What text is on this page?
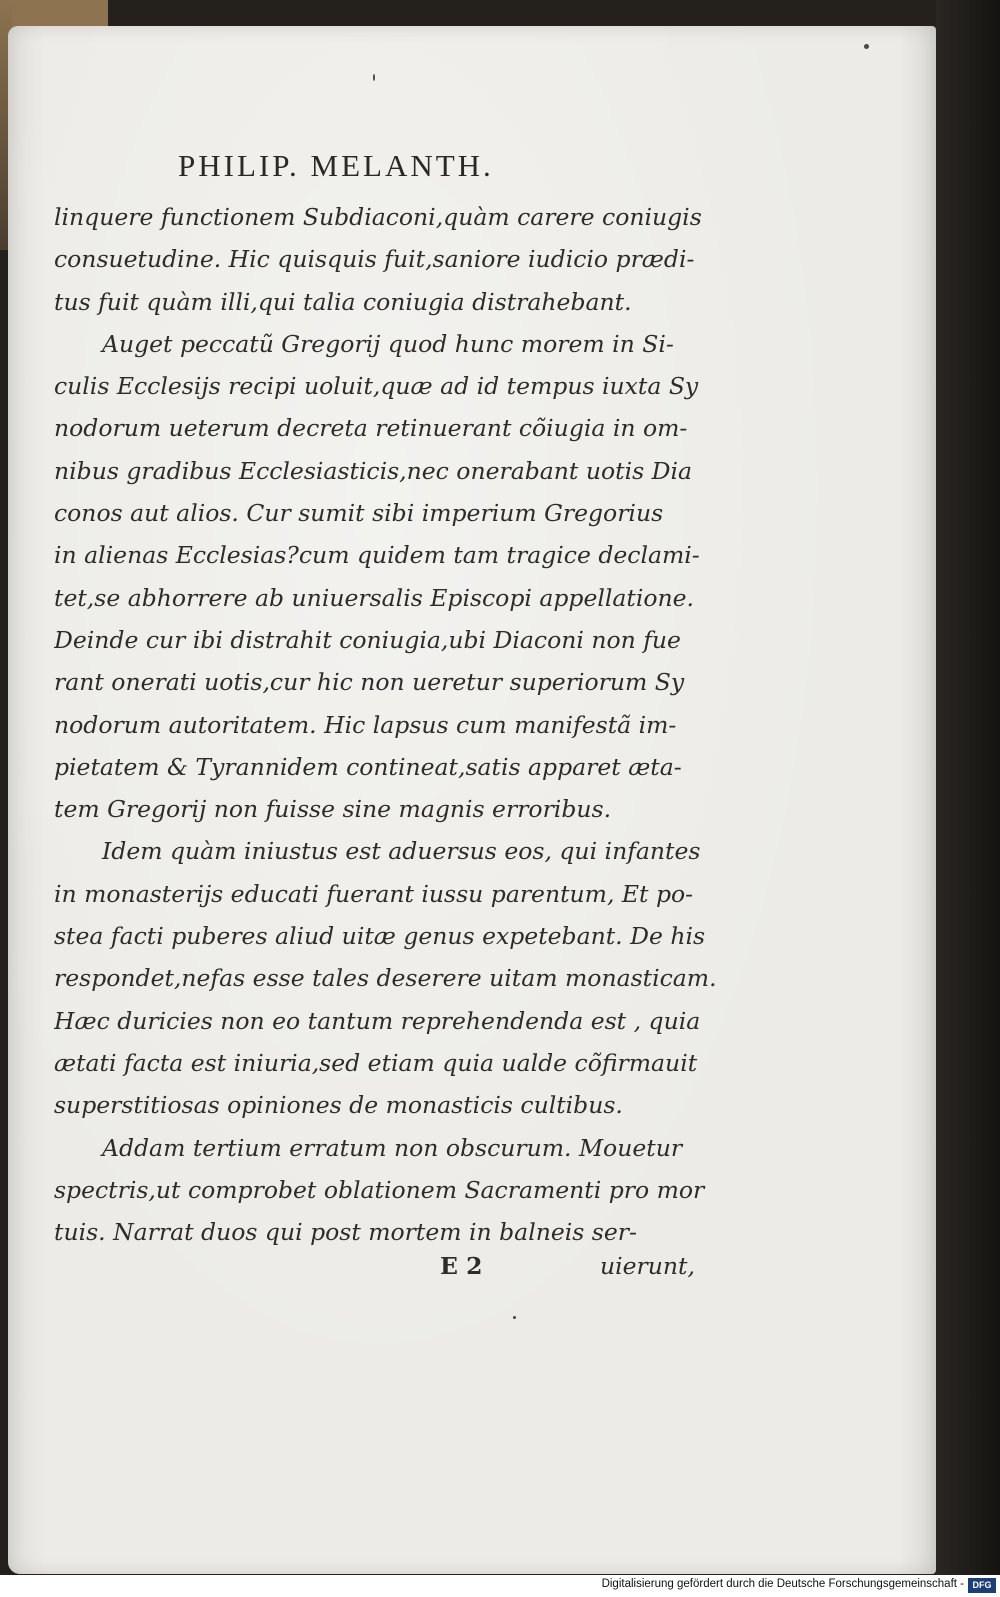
PHILIP. MELANTH.
linquere functionem Subdiaconi,quàm carere coniugis
consuetudine. Hic quisquis fuit,saniore iudicio prædi-
tus fuit quàm illi,qui talia coniugia distrahebant.
Auget peccatũ Gregorij quod hunc morem in Si-
culis Ecclesijs recipi uoluit,quæ ad id tempus iuxta Sy
nodorum ueterum decreta retinuerant cõiugia in om-
nibus gradibus Ecclesiasticis,nec onerabant uotis Dia
conos aut alios. Cur sumit sibi imperium Gregorius
in alienas Ecclesias?cum quidem tam tragice declami-
tet,se abhorrere ab uniuersalis Episcopi appellatione.
Deinde cur ibi distrahit coniugia,ubi Diaconi non fue
rant onerati uotis,cur hic non ueretur superiorum Sy
nodorum autoritatem. Hic lapsus cum manifestã im-
pietatem & Tyrannidem contineat,satis apparet æta-
tem Gregorij non fuisse sine magnis erroribus.
Idem quàm iniustus est aduersus eos, qui infantes
in monasterijs educati fuerant iussu parentum, Et po-
stea facti puberes aliud uitæ genus expetebant. De his
respondet,nefas esse tales deserere uitam monasticam.
Hæc duricies non eo tantum reprehendenda est , quia
ætati facta est iniuria,sed etiam quia ualde cõfirmauit
superstitiosas opiniones de monasticis cultibus.
Addam tertium erratum non obscurum. Mouetur
spectris,ut comprobet oblationem Sacramenti pro mor
tuis. Narrat duos qui post mortem in balneis ser-
E 2	uierunt,
Digitalisierung gefördert durch die Deutsche Forschungsgemeinschaft - DFG
